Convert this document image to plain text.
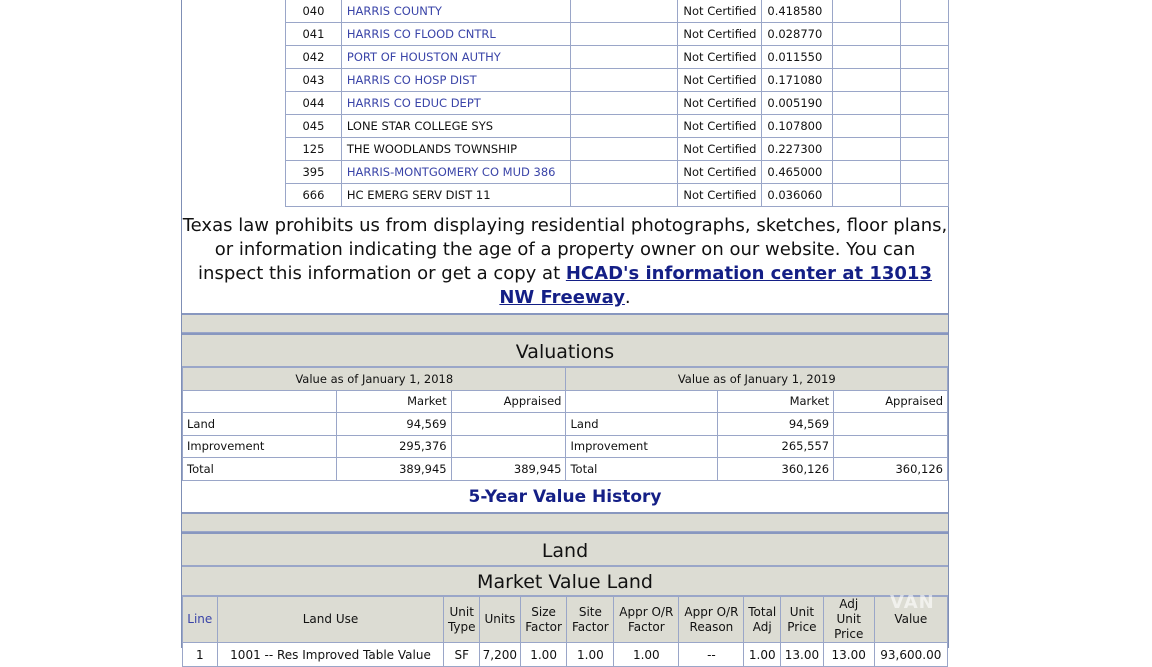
040	HARRIS COUNTY		Not Certified	0.418580		
041	HARRIS CO FLOOD CNTRL		Not Certified	0.028770		
042	PORT OF HOUSTON AUTHY		Not Certified	0.011550		
043	HARRIS CO HOSP DIST		Not Certified	0.171080		
044	HARRIS CO EDUC DEPT		Not Certified	0.005190		
045	LONE STAR COLLEGE SYS		Not Certified	0.107800		
125	THE WOODLANDS TOWNSHIP		Not Certified	0.227300		
395	HARRIS-MONTGOMERY CO MUD 386		Not Certified	0.465000		
666	HC EMERG SERV DIST 11		Not Certified	0.036060		
Texas law prohibits us from displaying residential photographs, sketches, floor plans, or information indicating the age of a property owner on our website. You can inspect this information or get a copy at HCAD's information center at 13013 NW Freeway.
Valuations
Value as of January 1, 2018			Value as of January 1, 2019		
	Market	Appraised		Market	Appraised
Land	94,569		Land	94,569	
Improvement	295,376		Improvement	265,557	
Total	389,945	389,945	Total	360,126	360,126
5-Year Value History
Land
Market Value Land
Line	Land Use	Unit Type	Units	Size Factor	Site Factor	Appr O/R Factor	Appr O/R Reason	Total Adj	Unit Price	Adj Unit Price	Value
1	1001 -- Res Improved Table Value	SF	7,200	1.00	1.00	1.00	--	1.00	13.00	13.00	93,600.00
VAN
